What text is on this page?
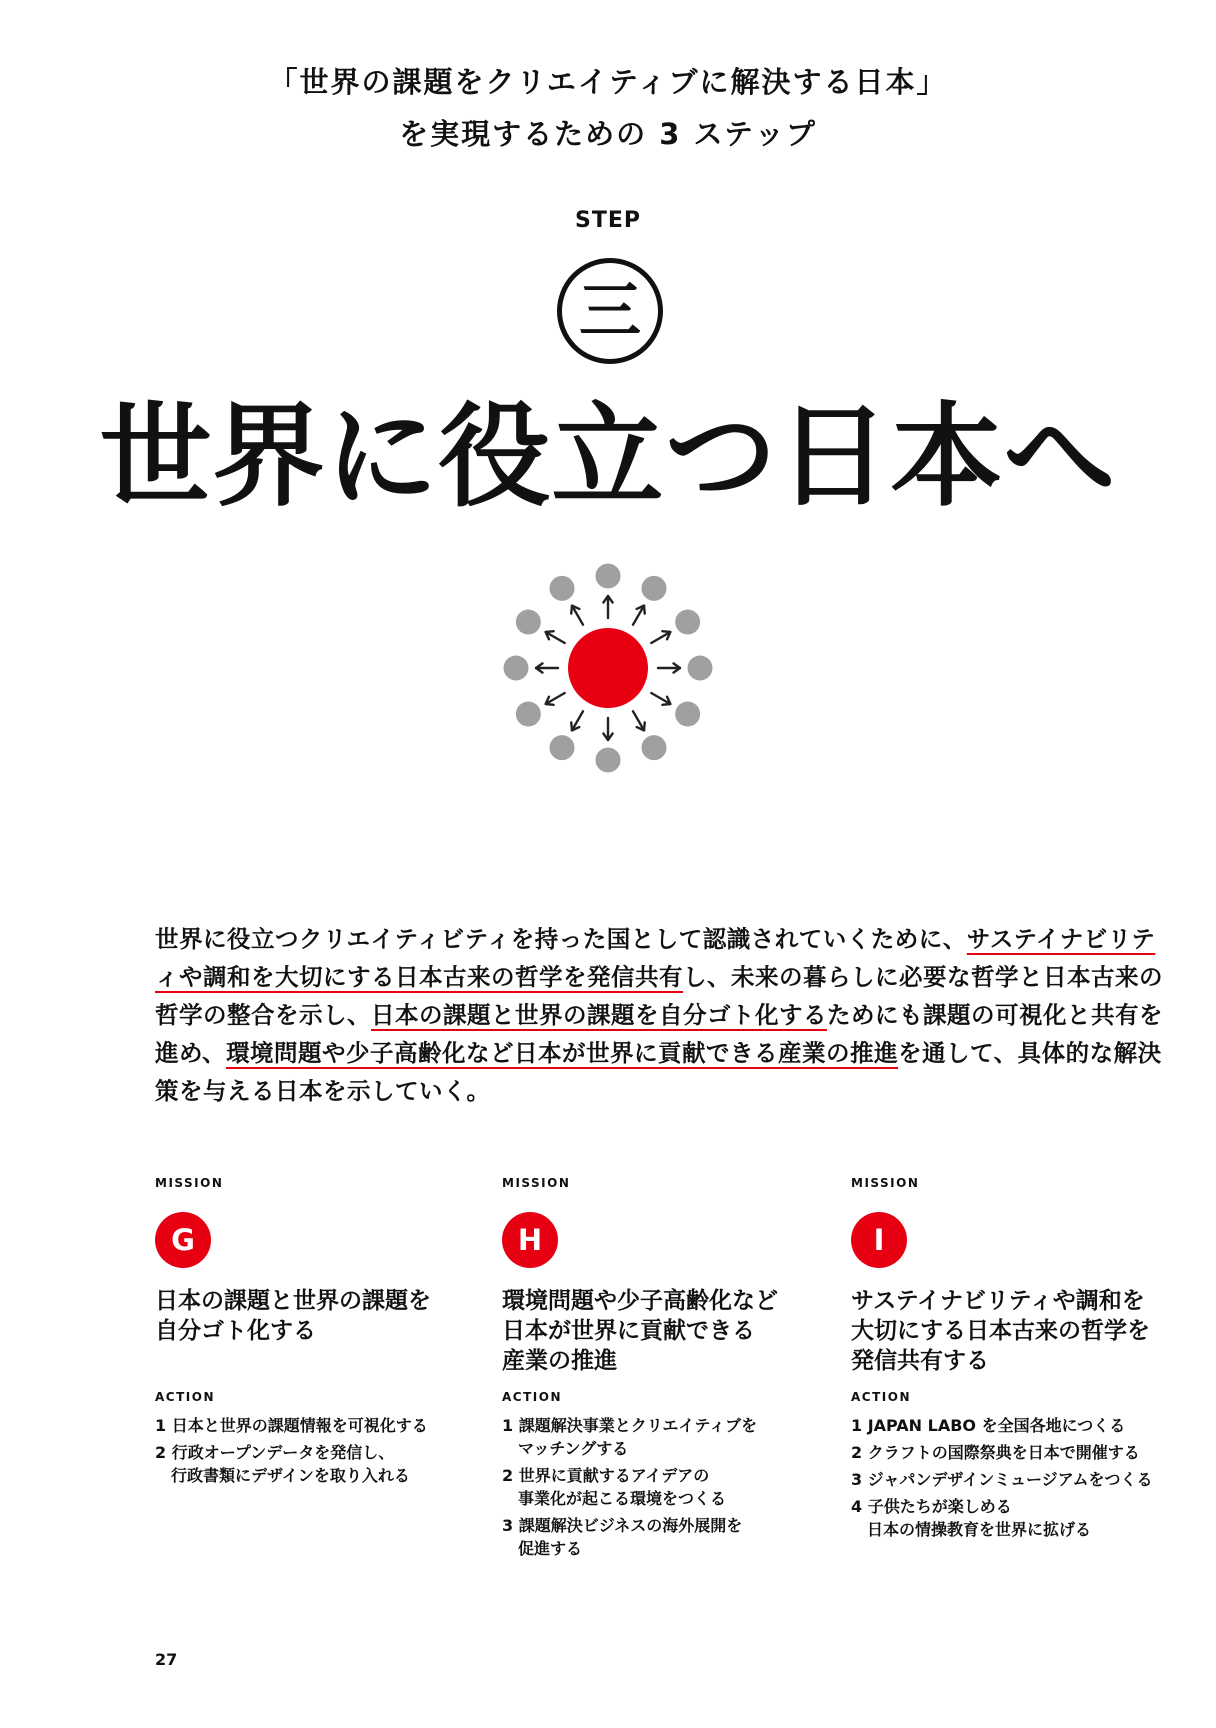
「世界の課題をクリエイティブに解決する日本」
を実現するための 3 ステップ
STEP
三
世界に役立つ日本へ
世界に役立つクリエイティビティを持った国として認識されていくために、サステイナビリティや調和を大切にする日本古来の哲学を発信共有し、未来の暮らしに必要な哲学と日本古来の哲学の整合を示し、日本の課題と世界の課題を自分ゴト化するためにも課題の可視化と共有を進め、環境問題や少子高齢化など日本が世界に貢献できる産業の推進を通して、具体的な解決策を与える日本を示していく。
MISSION
G
日本の課題と世界の課題を
自分ゴト化する
ACTION
1 日本と世界の課題情報を可視化する
2 行政オープンデータを発信し、
行政書類にデザインを取り入れる
MISSION
H
環境問題や少子高齢化など
日本が世界に貢献できる
産業の推進
ACTION
1 課題解決事業とクリエイティブを
マッチングする
2 世界に貢献するアイデアの
事業化が起こる環境をつくる
3 課題解決ビジネスの海外展開を
促進する
MISSION
I
サステイナビリティや調和を
大切にする日本古来の哲学を
発信共有する
ACTION
1 JAPAN LABO を全国各地につくる
2 クラフトの国際祭典を日本で開催する
3 ジャパンデザインミュージアムをつくる
4 子供たちが楽しめる
日本の情操教育を世界に拡げる
27
